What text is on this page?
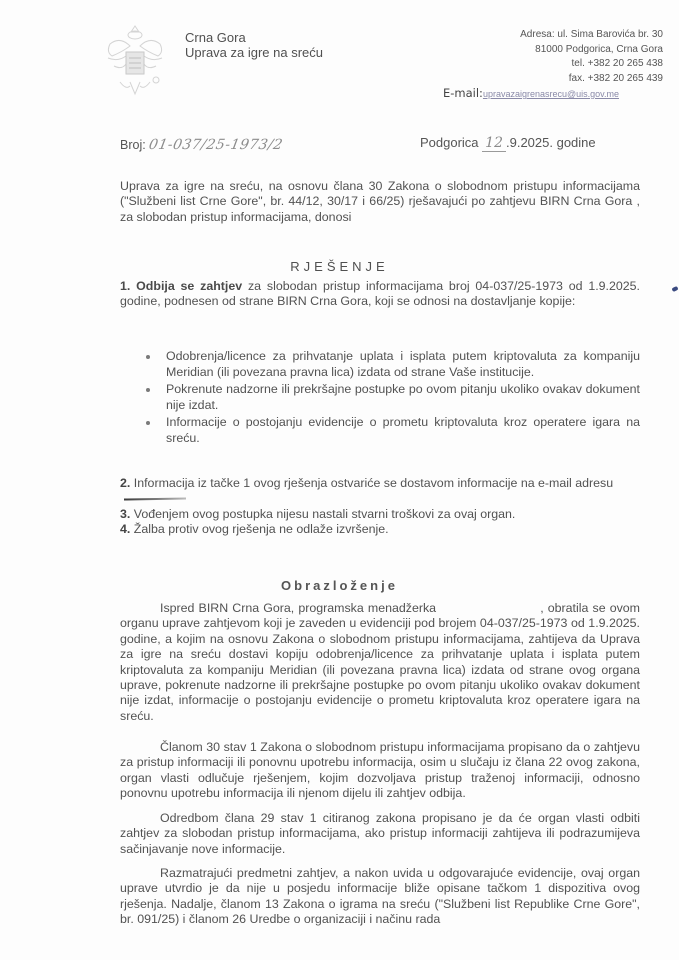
Crna Gora
Uprava za igre na sreću
Adresa: ul. Sima Barovića br. 30
81000 Podgorica, Crna Gora
tel. +382 20 265 438
fax. +382 20 265 439
E-mail:upravazaigrenasrecu@uis.gov.me
Broj: 01-037/25-1973/2	Podgorica 12 .9.2025. godine
Uprava za igre na sreću, na osnovu člana 30 Zakona o slobodnom pristupu informacijama ("Službeni list Crne Gore", br. 44/12, 30/17 i 66/25) rješavajući po zahtjevu BIRN Crna Gora , za slobodan pristup informacijama, donosi
RJEŠENJE
1. Odbija se zahtjev za slobodan pristup informacijama broj 04-037/25-1973 od 1.9.2025. godine, podnesen od strane BIRN Crna Gora, koji se odnosi na dostavljanje kopije:
Odobrenja/licence za prihvatanje uplata i isplata putem kriptovaluta za kompaniju Meridian (ili povezana pravna lica) izdata od strane Vaše institucije.
Pokrenute nadzorne ili prekršajne postupke po ovom pitanju ukoliko ovakav dokument nije izdat.
Informacije o postojanju evidencije o prometu kriptovaluta kroz operatere igara na sreću.
2. Informacija iz tačke 1 ovog rješenja ostvariće se dostavom informacije na e-mail adresu
3. Vođenjem ovog postupka nijesu nastali stvarni troškovi za ovaj organ.
4. Žalba protiv ovog rješenja ne odlaže izvršenje.
Obrazloženje
Ispred BIRN Crna Gora, programska menadžerka	, obratila se ovom organu uprave zahtjevom koji je zaveden u evidenciji pod brojem 04-037/25-1973 od 1.9.2025. godine, a kojim na osnovu Zakona o slobodnom pristupu informacijama, zahtijeva da Uprava za igre na sreću dostavi kopiju odobrenja/licence za prihvatanje uplata i isplata putem kriptovaluta za kompaniju Meridian (ili povezana pravna lica) izdata od strane ovog organa uprave, pokrenute nadzorne ili prekršajne postupke po ovom pitanju ukoliko ovakav dokument nije izdat, informacije o postojanju evidencije o prometu kriptovaluta kroz operatere igara na sreću.
Članom 30 stav 1 Zakona o slobodnom pristupu informacijama propisano da o zahtjevu za pristup informaciji ili ponovnu upotrebu informacija, osim u slučaju iz člana 22 ovog zakona, organ vlasti odlučuje rješenjem, kojim dozvoljava pristup traženoj informaciji, odnosno ponovnu upotrebu informacija ili njenom dijelu ili zahtjev odbija.
Odredbom člana 29 stav 1 citiranog zakona propisano je da će organ vlasti odbiti zahtjev za slobodan pristup informacijama, ako pristup informaciji zahtijeva ili podrazumijeva sačinjavanje nove informacije.
Razmatrajući predmetni zahtjev, a nakon uvida u odgovarajuće evidencije, ovaj organ uprave utvrdio je da nije u posjedu informacije bliže opisane tačkom 1 dispozitiva ovog rješenja. Nadalje, članom 13 Zakona o igrama na sreću ("Službeni list Republike Crne Gore", br. 091/25) i članom 26 Uredbe o organizaciji i načinu rada
